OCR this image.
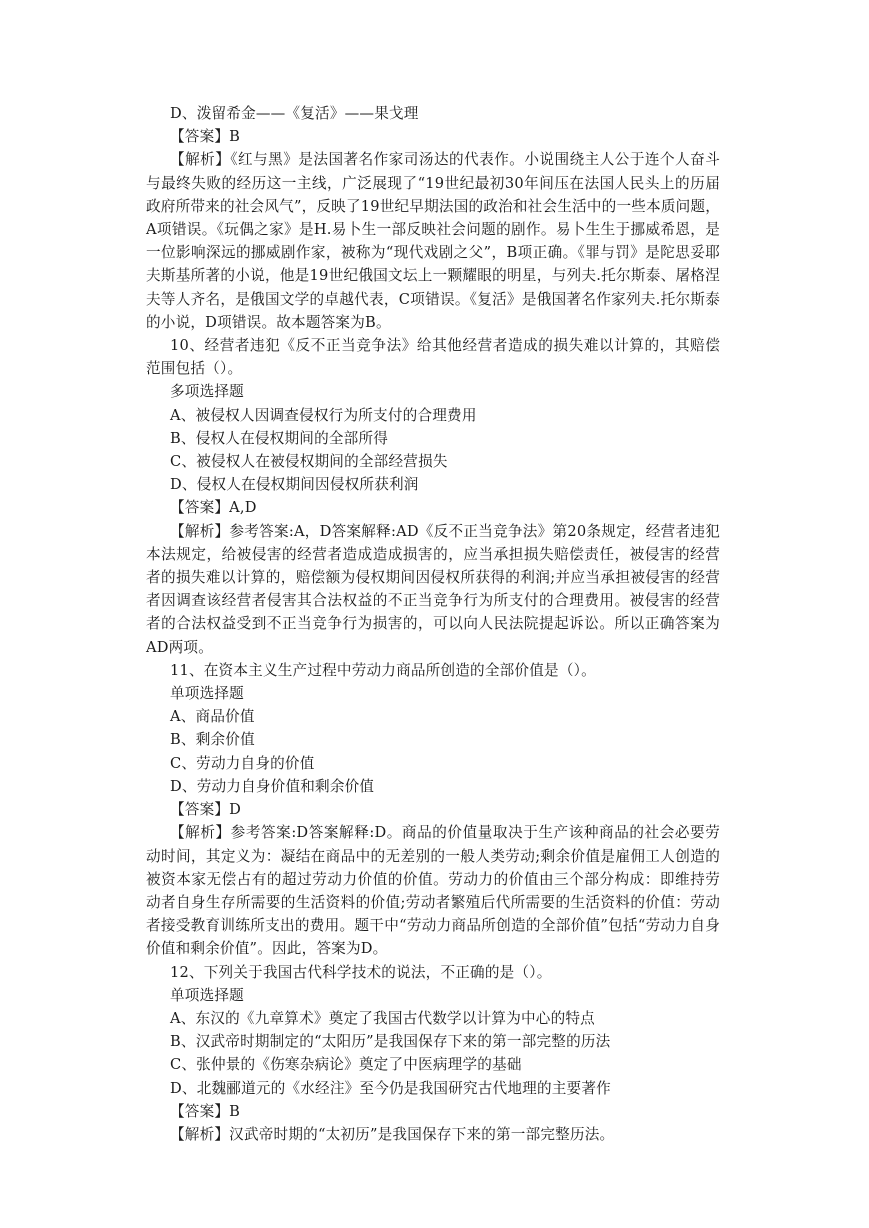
D、泼留希金——《复活》——果戈理

【答案】B

【解析】《红与黑》是法国著名作家司汤达的代表作。小说围绕主人公于连个人奋斗与最终失败的经历这一主线，广泛展现了“19世纪最初30年间压在法国人民头上的历届政府所带来的社会风气”，反映了19世纪早期法国的政治和社会生活中的一些本质问题，A项错误。《玩偶之家》是H.易卜生一部反映社会问题的剧作。易卜生生于挪威希恩，是一位影响深远的挪威剧作家，被称为“现代戏剧之父”，B项正确。《罪与罚》是陀思妥耶夫斯基所著的小说，他是19世纪俄国文坛上一颗耀眼的明星，与列夫.托尔斯泰、屠格涅夫等人齐名，是俄国文学的卓越代表，C项错误。《复活》是俄国著名作家列夫.托尔斯泰的小说，D项错误。故本题答案为B。

10、经营者违犯《反不正当竞争法》给其他经营者造成的损失难以计算的，其赔偿范围包括（）。

多项选择题

A、被侵权人因调查侵权行为所支付的合理费用

B、侵权人在侵权期间的全部所得

C、被侵权人在被侵权期间的全部经营损失

D、侵权人在侵权期间因侵权所获利润

【答案】A,D

【解析】参考答案:A，D答案解释:AD《反不正当竞争法》第20条规定，经营者违犯本法规定，给被侵害的经营者造成造成损害的，应当承担损失赔偿责任，被侵害的经营者的损失难以计算的，赔偿额为侵权期间因侵权所获得的利润;并应当承担被侵害的经营者因调查该经营者侵害其合法权益的不正当竞争行为所支付的合理费用。被侵害的经营者的合法权益受到不正当竞争行为损害的，可以向人民法院提起诉讼。所以正确答案为AD两项。

11、在资本主义生产过程中劳动力商品所创造的全部价值是（）。

单项选择题

A、商品价值

B、剩余价值

C、劳动力自身的价值

D、劳动力自身价值和剩余价值

【答案】D

【解析】参考答案:D答案解释:D。商品的价值量取决于生产该种商品的社会必要劳动时间，其定义为：凝结在商品中的无差别的一般人类劳动;剩余价值是雇佣工人创造的被资本家无偿占有的超过劳动力价值的价值。劳动力的价值由三个部分构成：即维持劳动者自身生存所需要的生活资料的价值;劳动者繁殖后代所需要的生活资料的价值：劳动者接受教育训练所支出的费用。题干中“劳动力商品所创造的全部价值”包括“劳动力自身价值和剩余价值”。因此，答案为D。

12、下列关于我国古代科学技术的说法，不正确的是（）。

单项选择题

A、东汉的《九章算术》奠定了我国古代数学以计算为中心的特点

B、汉武帝时期制定的“太阳历”是我国保存下来的第一部完整的历法

C、张仲景的《伤寒杂病论》奠定了中医病理学的基础

D、北魏郦道元的《水经注》至今仍是我国研究古代地理的主要著作

【答案】B

【解析】汉武帝时期的“太初历”是我国保存下来的第一部完整历法。
